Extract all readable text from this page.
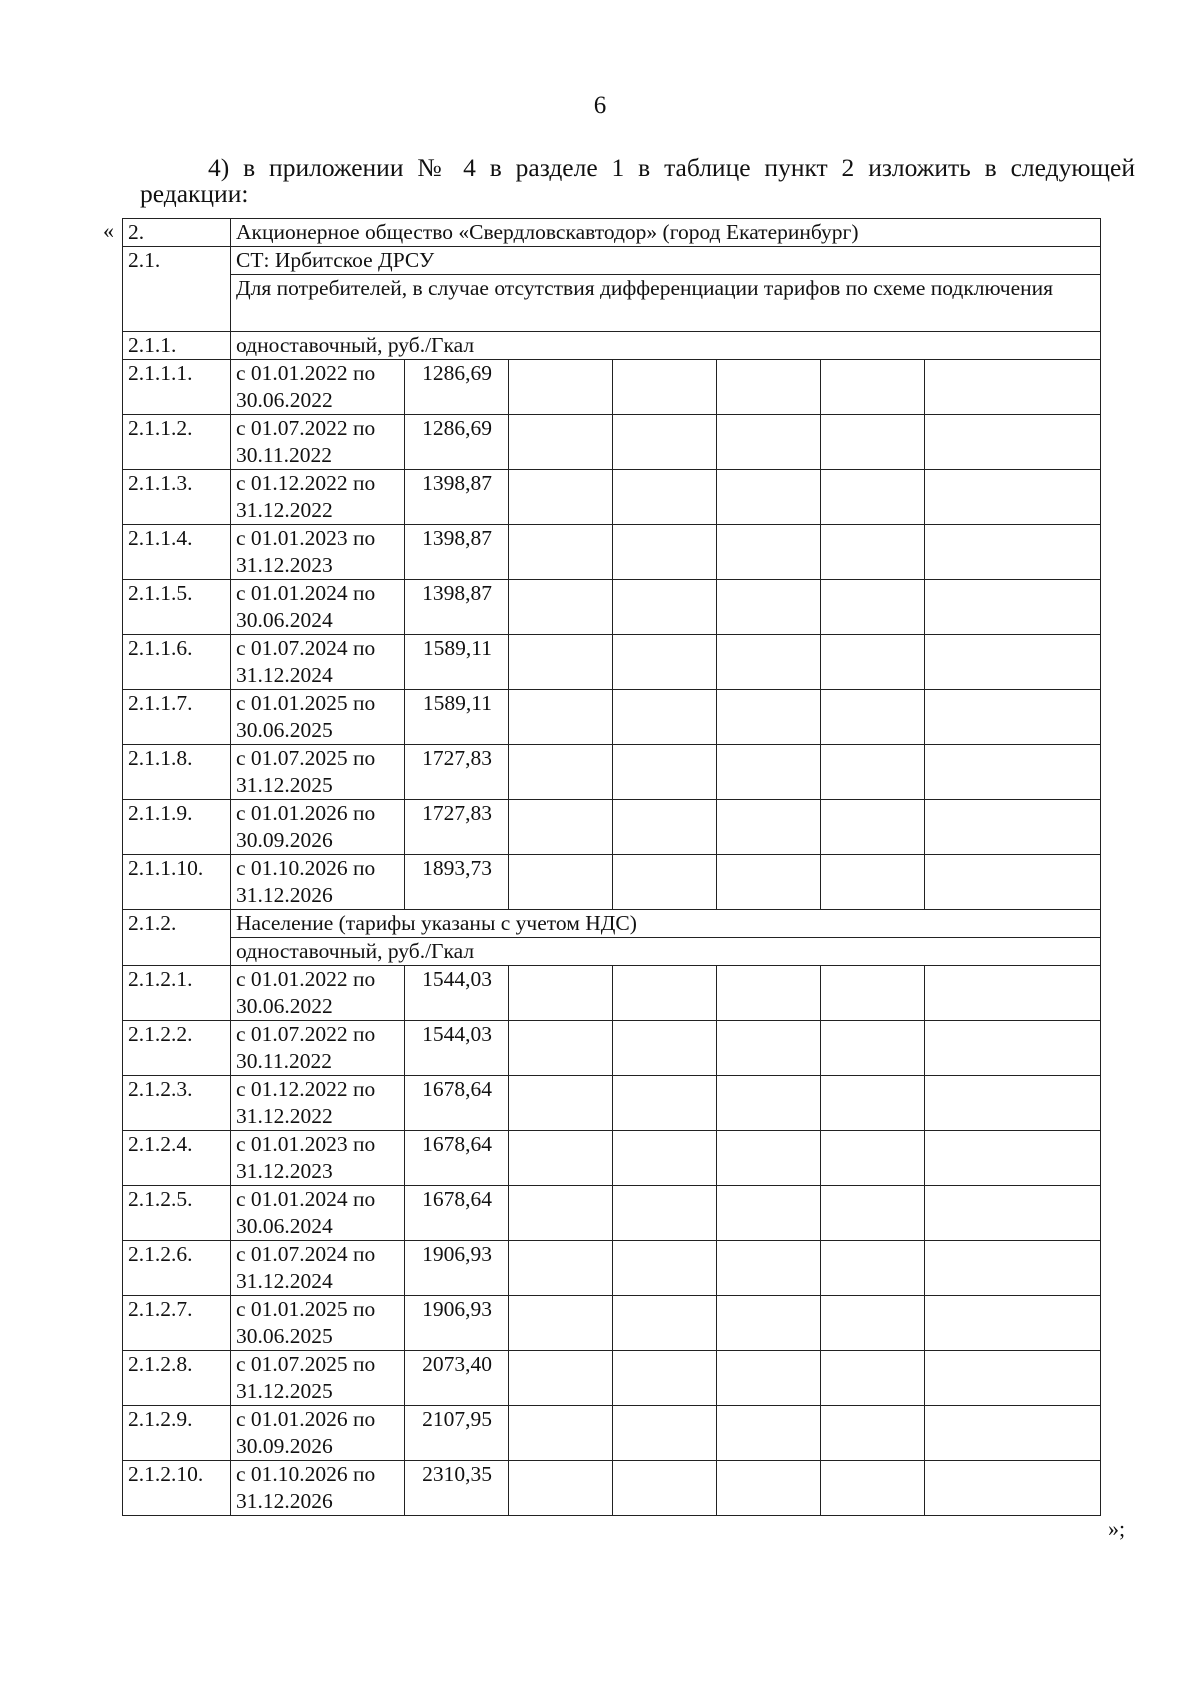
6
4) в приложении № 4 в разделе 1 в таблице пункт 2 изложить в следующей
редакции:
« 2.	Акционерное общество «Свердловскавтодор» (город Екатеринбург)						
2.1.	СТ: Ирбитское ДРСУ						
	Для потребителей, в случае отсутствия дифференциации тарифов по схеме подключения						
2.1.1.	одноставочный, руб./Гкал						
2.1.1.1.	с 01.01.2022 по 30.06.2022	1286,69					
2.1.1.2.	с 01.07.2022 по 30.11.2022	1286,69					
2.1.1.3.	с 01.12.2022 по 31.12.2022	1398,87					
2.1.1.4.	с 01.01.2023 по 31.12.2023	1398,87					
2.1.1.5.	с 01.01.2024 по 30.06.2024	1398,87					
2.1.1.6.	с 01.07.2024 по 31.12.2024	1589,11					
2.1.1.7.	с 01.01.2025 по 30.06.2025	1589,11					
2.1.1.8.	с 01.07.2025 по 31.12.2025	1727,83					
2.1.1.9.	с 01.01.2026 по 30.09.2026	1727,83					
2.1.1.10.	с 01.10.2026 по 31.12.2026	1893,73					
2.1.2.	Население (тарифы указаны с учетом НДС)						
	одноставочный, руб./Гкал						
2.1.2.1.	с 01.01.2022 по 30.06.2022	1544,03					
2.1.2.2.	с 01.07.2022 по 30.11.2022	1544,03					
2.1.2.3.	с 01.12.2022 по 31.12.2022	1678,64					
2.1.2.4.	с 01.01.2023 по 31.12.2023	1678,64					
2.1.2.5.	с 01.01.2024 по 30.06.2024	1678,64					
2.1.2.6.	с 01.07.2024 по 31.12.2024	1906,93					
2.1.2.7.	с 01.01.2025 по 30.06.2025	1906,93					
2.1.2.8.	с 01.07.2025 по 31.12.2025	2073,40					
2.1.2.9.	с 01.01.2026 по 30.09.2026	2107,95					
2.1.2.10.	с 01.10.2026 по 31.12.2026	2310,35					
»;
